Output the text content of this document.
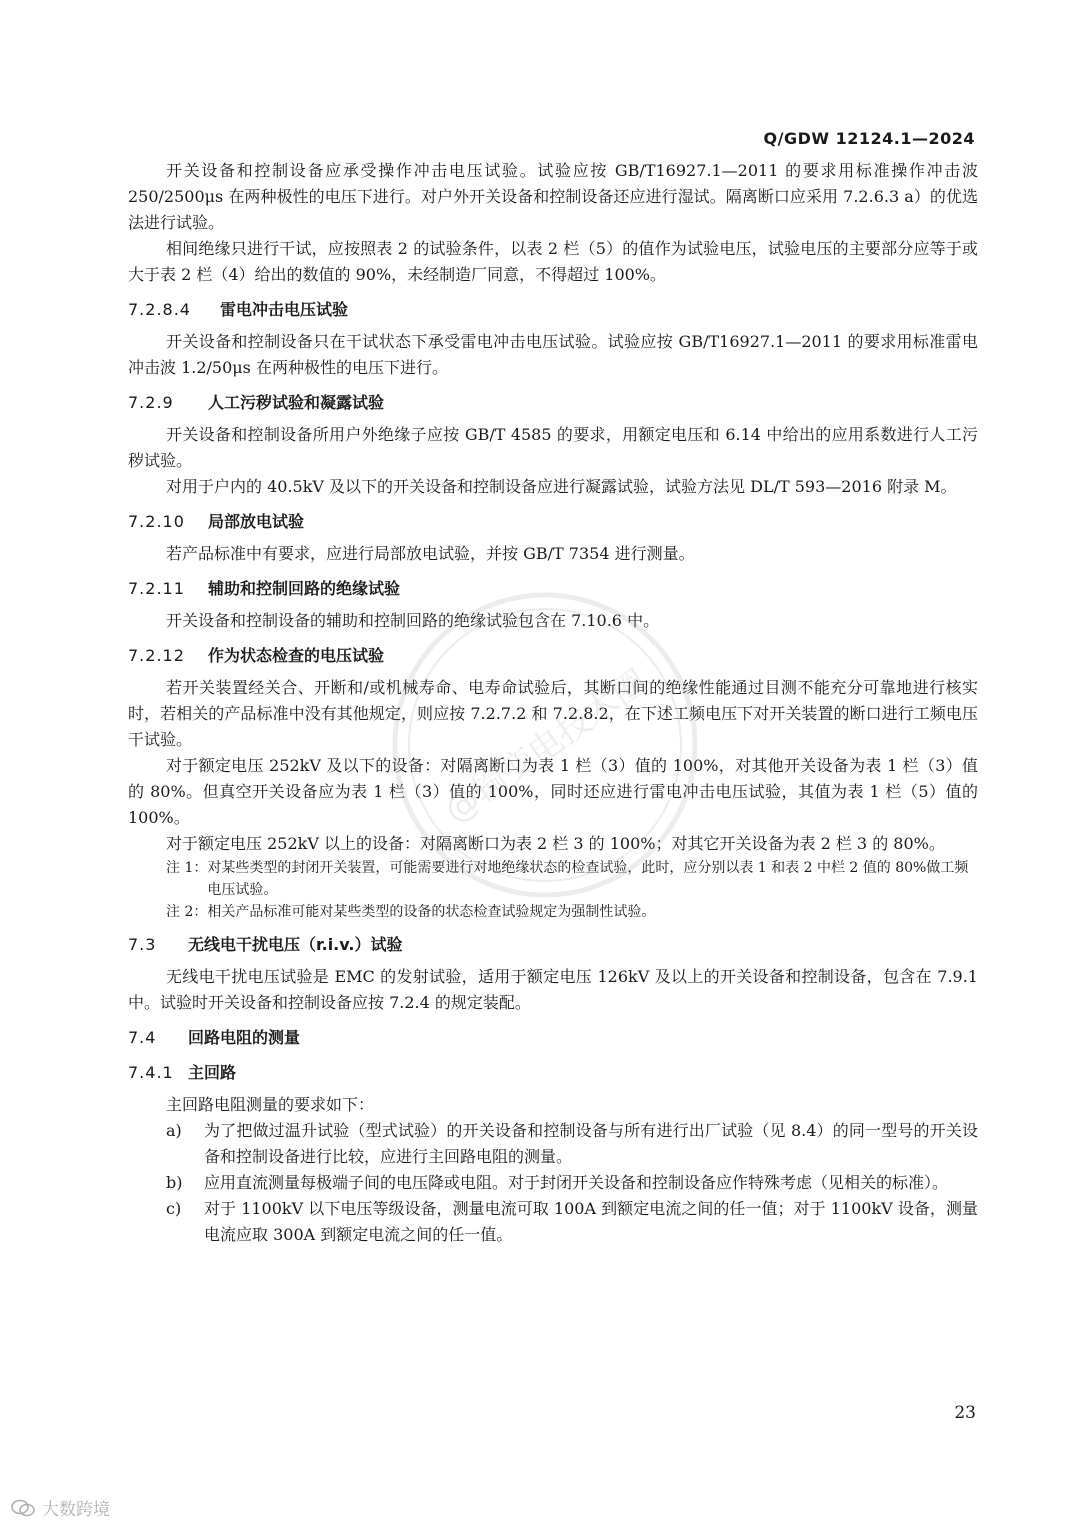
Q/GDW 12124.1—2024

开关设备和控制设备应承受操作冲击电压试验。试验应按 GB/T16927.1—2011 的要求用标准操作冲击波 250/2500μs 在两种极性的电压下进行。对户外开关设备和控制设备还应进行湿试。隔离断口应采用 7.2.6.3 a）的优选法进行试验。

相间绝缘只进行干试，应按照表 2 的试验条件，以表 2 栏（5）的值作为试验电压，试验电压的主要部分应等于或大于表 2 栏（4）给出的数值的 90%，未经制造厂同意，不得超过 100%。

7.2.8.4 雷电冲击电压试验

开关设备和控制设备只在干试状态下承受雷电冲击电压试验。试验应按 GB/T16927.1—2011 的要求用标准雷电冲击波 1.2/50μs 在两种极性的电压下进行。

7.2.9 人工污秽试验和凝露试验

开关设备和控制设备所用户外绝缘子应按 GB/T 4585 的要求，用额定电压和 6.14 中给出的应用系数进行人工污秽试验。

对用于户内的 40.5kV 及以下的开关设备和控制设备应进行凝露试验，试验方法见 DL/T 593—2016 附录 M。

7.2.10 局部放电试验

若产品标准中有要求，应进行局部放电试验，并按 GB/T 7354 进行测量。

7.2.11 辅助和控制回路的绝缘试验

开关设备和控制设备的辅助和控制回路的绝缘试验包含在 7.10.6 中。

7.2.12 作为状态检查的电压试验

若开关装置经关合、开断和/或机械寿命、电寿命试验后，其断口间的绝缘性能通过目测不能充分可靠地进行核实时，若相关的产品标准中没有其他规定，则应按 7.2.7.2 和 7.2.8.2，在下述工频电压下对开关装置的断口进行工频电压干试验。

对于额定电压 252kV 及以下的设备：对隔离断口为表 1 栏（3）值的 100%，对其他开关设备为表 1 栏（3）值的 80%。但真空开关设备应为表 1 栏（3）值的 100%，同时还应进行雷电冲击电压试验，其值为表 1 栏（5）值的 100%。

对于额定电压 252kV 以上的设备：对隔离断口为表 2 栏 3 的 100%；对其它开关设备为表 2 栏 3 的 80%。

注 1： 对某些类型的封闭开关装置，可能需要进行对地绝缘状态的检查试验，此时，应分别以表 1 和表 2 中栏 2 值的 80%做工频电压试验。
注 2： 相关产品标准可能对某些类型的设备的状态检查试验规定为强制性试验。
7.3 无线电干扰电压（r.i.v.）试验

无线电干扰电压试验是 EMC 的发射试验，适用于额定电压 126kV 及以上的开关设备和控制设备，包含在 7.9.1 中。试验时开关设备和控制设备应按 7.2.4 的规定装配。

7.4 回路电阻的测量
7.4.1 主回路

主回路电阻测量的要求如下：

a)	为了把做过温升试验（型式试验）的开关设备和控制设备与所有进行出厂试验（见 8.4）的同一型号的开关设备和控制设备进行比较，应进行主回路电阻的测量。
b)	应用直流测量每极端子间的电压降或电阻。对于封闭开关设备和控制设备应作特殊考虑（见相关的标准）。
c)	对于 1100kV 以下电压等级设备，测量电流可取 100A 到额定电流之间的任一值；对于 1100kV 设备，测量电流应取 300A 到额定电流之间的任一值。
23
@输变电技术圈
大数跨境
